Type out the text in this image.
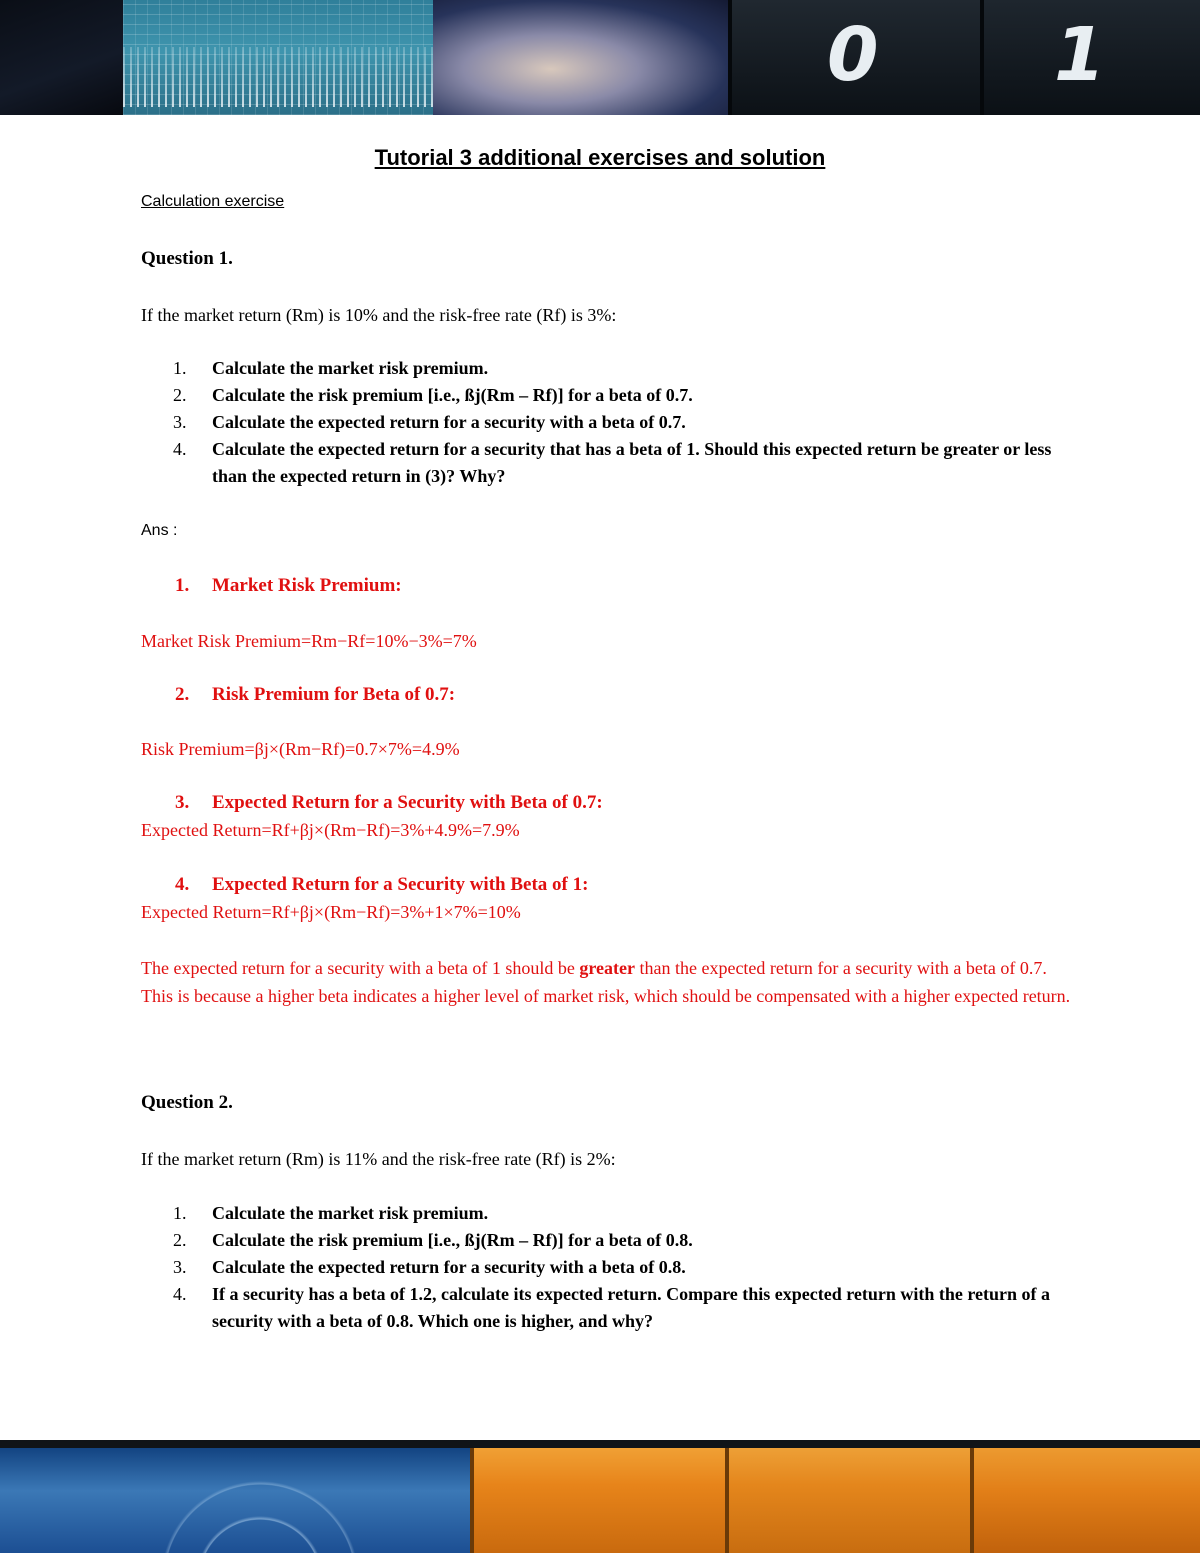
0 1
Tutorial 3 additional exercises and solution

Calculation exercise

Question 1.

If the market return (Rm) is 10% and the risk-free rate (Rf) is 3%:

1. Calculate the market risk premium.
2. Calculate the risk premium [i.e., ßj(Rm – Rf)] for a beta of 0.7.
3. Calculate the expected return for a security with a beta of 0.7.
4. Calculate the expected return for a security that has a beta of 1. Should this expected return be greater or less than the expected return in (3)? Why?

Ans :

1. Market Risk Premium:

Market Risk Premium=Rm−Rf=10%−3%=7%

2. Risk Premium for Beta of 0.7:

Risk Premium=βj×(Rm−Rf)=0.7×7%=4.9%

3. Expected Return for a Security with Beta of 0.7:

Expected Return=Rf+βj×(Rm−Rf)=3%+4.9%=7.9%

4. Expected Return for a Security with Beta of 1:

Expected Return=Rf+βj×(Rm−Rf)=3%+1×7%=10%

The expected return for a security with a beta of 1 should be greater than the expected return for a security with a beta of 0.7. This is because a higher beta indicates a higher level of market risk, which should be compensated with a higher expected return.

Question 2.

If the market return (Rm) is 11% and the risk-free rate (Rf) is 2%:

1. Calculate the market risk premium.
2. Calculate the risk premium [i.e., ßj(Rm – Rf)] for a beta of 0.8.
3. Calculate the expected return for a security with a beta of 0.8.
4. If a security has a beta of 1.2, calculate its expected return. Compare this expected return with the return of a security with a beta of 0.8. Which one is higher, and why?
